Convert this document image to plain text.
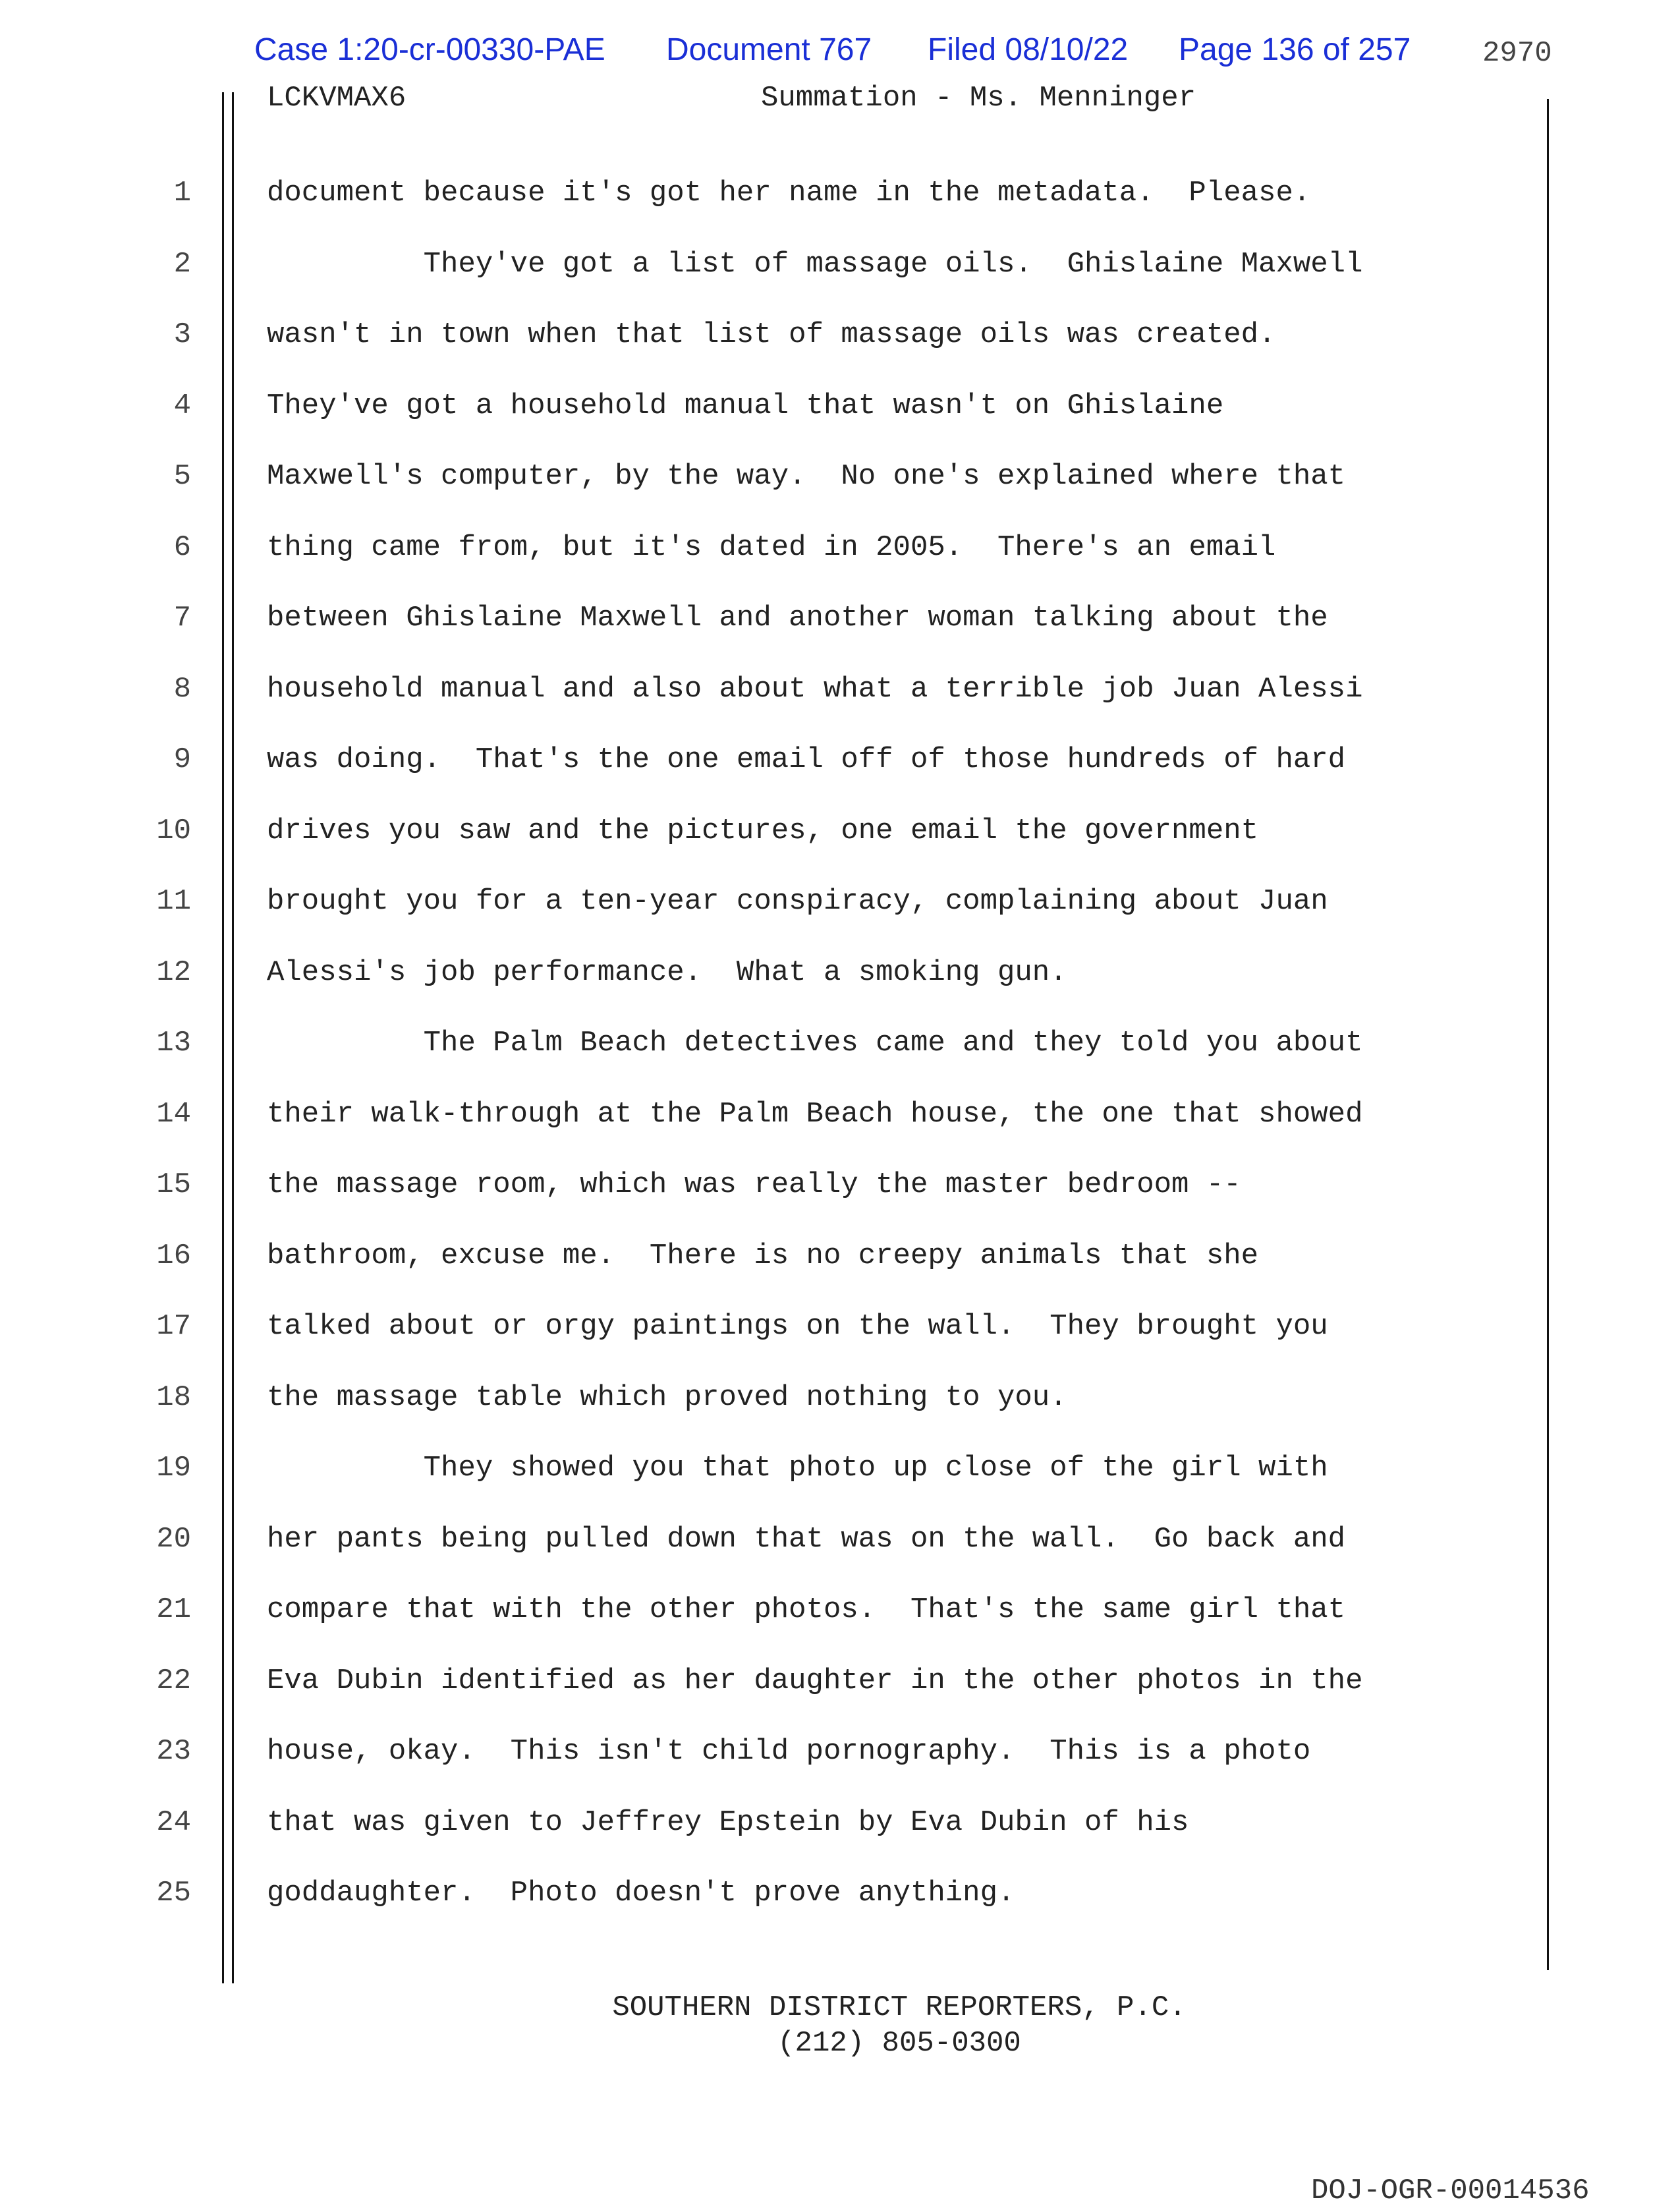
Case 1:20-cr-00330-PAE Document 767 Filed 08/10/22 Page 136 of 257 2970
LCKVMAX6	Summation - Ms. Menninger
1	document because it's got her name in the metadata.  Please.
2	They've got a list of massage oils.  Ghislaine Maxwell
3	wasn't in town when that list of massage oils was created.
4	They've got a household manual that wasn't on Ghislaine
5	Maxwell's computer, by the way.  No one's explained where that
6	thing came from, but it's dated in 2005.  There's an email
7	between Ghislaine Maxwell and another woman talking about the
8	household manual and also about what a terrible job Juan Alessi
9	was doing.  That's the one email off of those hundreds of hard
10	drives you saw and the pictures, one email the government
11	brought you for a ten-year conspiracy, complaining about Juan
12	Alessi's job performance.  What a smoking gun.
13	The Palm Beach detectives came and they told you about
14	their walk-through at the Palm Beach house, the one that showed
15	the massage room, which was really the master bedroom --
16	bathroom, excuse me.  There is no creepy animals that she
17	talked about or orgy paintings on the wall.  They brought you
18	the massage table which proved nothing to you.
19	They showed you that photo up close of the girl with
20	her pants being pulled down that was on the wall.  Go back and
21	compare that with the other photos.  That's the same girl that
22	Eva Dubin identified as her daughter in the other photos in the
23	house, okay.  This isn't child pornography.  This is a photo
24	that was given to Jeffrey Epstein by Eva Dubin of his
25	goddaughter.  Photo doesn't prove anything.
SOUTHERN DISTRICT REPORTERS, P.C.
(212) 805-0300
DOJ-OGR-00014536
